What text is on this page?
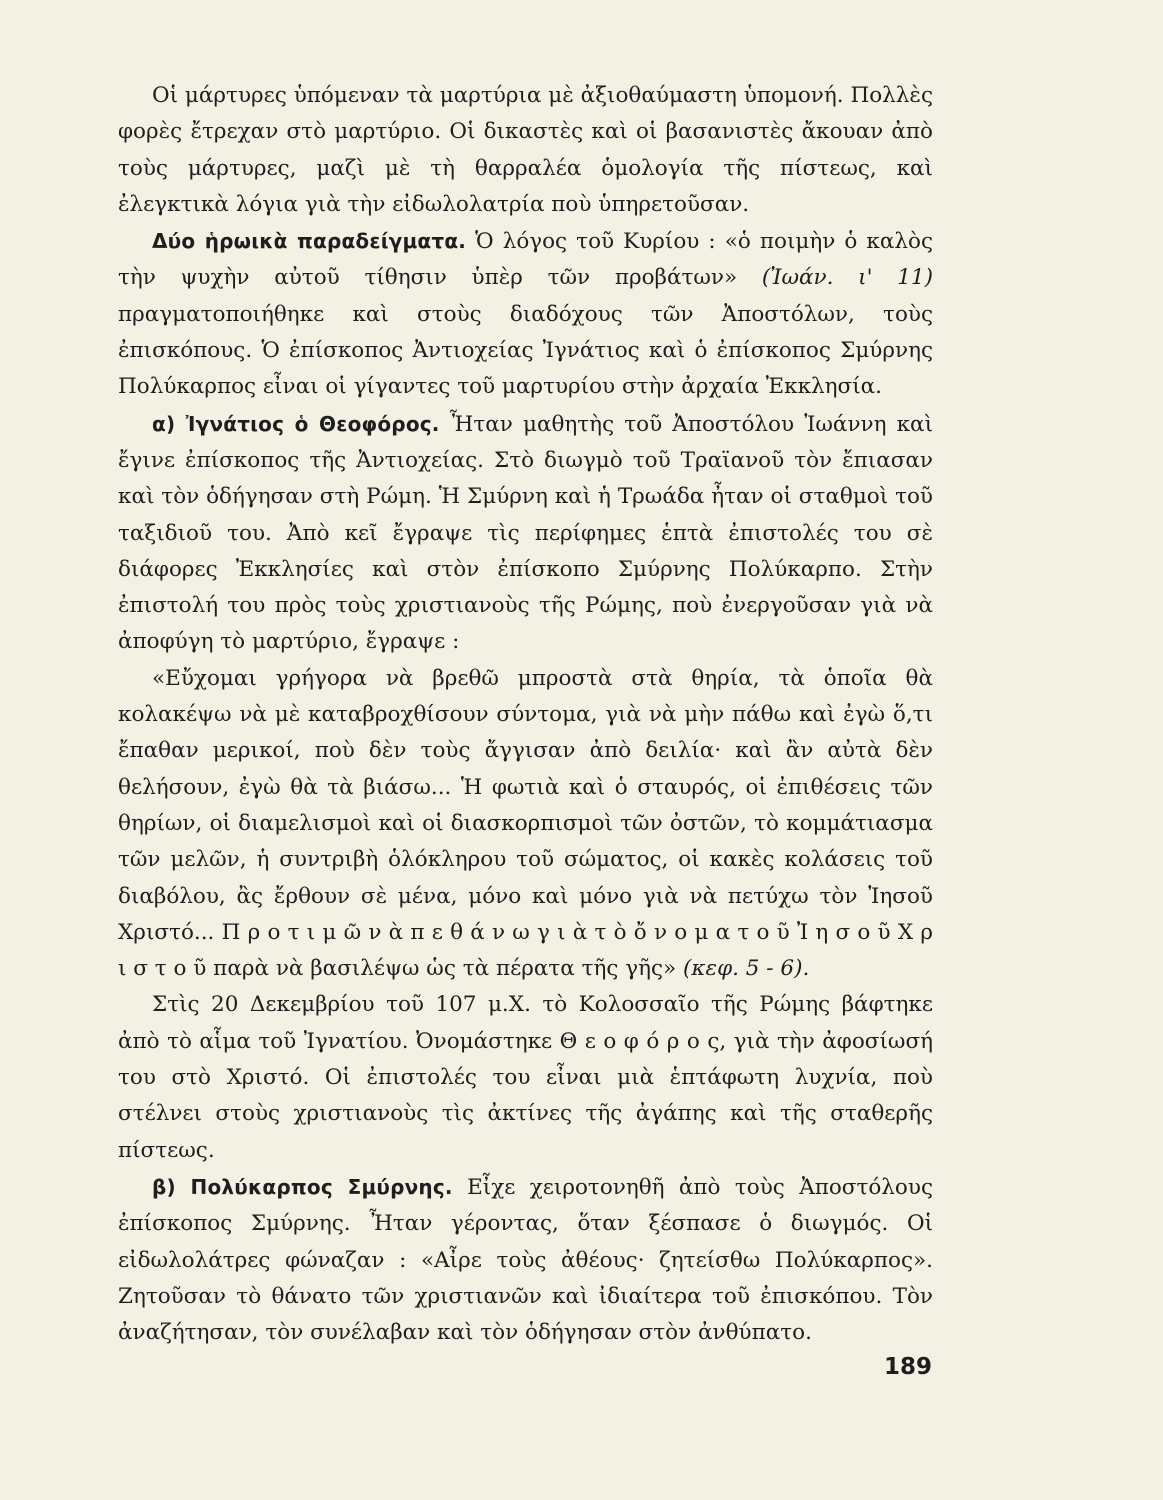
Οἱ μάρτυρες ὑπόμεναν τὰ μαρτύρια μὲ ἀξιοθαύμαστη ὑπομονή. Πολλὲς φορὲς ἔτρεχαν στὸ μαρτύριο. Οἱ δικαστὲς καὶ οἱ βασανιστὲς ἄκουαν ἀπὸ τοὺς μάρτυρες, μαζὶ μὲ τὴ θαρραλέα ὁμολογία τῆς πίστεως, καὶ ἐλεγκτικὰ λόγια γιὰ τὴν εἰδωλολατρία ποὺ ὑπηρετοῦσαν.

Δύο ἡρωικὰ παραδείγματα. Ὁ λόγος τοῦ Κυρίου : «ὁ ποιμὴν ὁ καλὸς τὴν ψυχὴν αὐτοῦ τίθησιν ὑπὲρ τῶν προβάτων» (Ἰωάν. ι' 11) πραγματοποιήθηκε καὶ στοὺς διαδόχους τῶν Ἀποστόλων, τοὺς ἐπισκόπους. Ὁ ἐπίσκοπος Ἀντιοχείας Ἰγνάτιος καὶ ὁ ἐπίσκοπος Σμύρνης Πολύκαρπος εἶναι οἱ γίγαντες τοῦ μαρτυρίου στὴν ἀρχαία Ἐκκλησία.

α) Ἰγνάτιος ὁ Θεοφόρος. Ἦταν μαθητὴς τοῦ Ἀποστόλου Ἰωάννη καὶ ἔγινε ἐπίσκοπος τῆς Ἀντιοχείας. Στὸ διωγμὸ τοῦ Τραϊανοῦ τὸν ἔπιασαν καὶ τὸν ὁδήγησαν στὴ Ρώμη. Ἡ Σμύρνη καὶ ἡ Τρωάδα ἦταν οἱ σταθμοὶ τοῦ ταξιδιοῦ του. Ἀπὸ κεῖ ἔγραψε τὶς περίφημες ἑπτὰ ἐπιστολές του σὲ διάφορες Ἐκκλησίες καὶ στὸν ἐπίσκοπο Σμύρνης Πολύκαρπο. Στὴν ἐπιστολή του πρὸς τοὺς χριστιανοὺς τῆς Ρώμης, ποὺ ἐνεργοῦσαν γιὰ νὰ ἀποφύγη τὸ μαρτύριο, ἔγραψε :

«Εὔχομαι γρήγορα νὰ βρεθῶ μπροστὰ στὰ θηρία, τὰ ὁποῖα θὰ κολακέψω νὰ μὲ καταβροχθίσουν σύντομα, γιὰ νὰ μὴν πάθω καὶ ἐγὼ ὅ,τι ἔπαθαν μερικοί, ποὺ δὲν τοὺς ἄγγισαν ἀπὸ δειλία· καὶ ἂν αὐτὰ δὲν θελήσουν, ἐγὼ θὰ τὰ βιάσω... Ἡ φωτιὰ καὶ ὁ σταυρός, οἱ ἐπιθέσεις τῶν θηρίων, οἱ διαμελισμοὶ καὶ οἱ διασκορπισμοὶ τῶν ὀστῶν, τὸ κομμάτιασμα τῶν μελῶν, ἡ συντριβὴ ὁλόκληρου τοῦ σώματος, οἱ κακὲς κολάσεις τοῦ διαβόλου, ἂς ἔρθουν σὲ μένα, μόνο καὶ μόνο γιὰ νὰ πετύχω τὸν Ἰησοῦ Χριστό... Π ρ ο τ ι μ ῶ ν ὰ π ε θ ά ν ω γ ι ὰ τ ὸ ὄ ν ο μ α τ ο ῦ Ἰ η σ ο ῦ Χ ρ ι σ τ ο ῦ παρὰ νὰ βασιλέψω ὡς τὰ πέρατα τῆς γῆς» (κεφ. 5 - 6).

Στὶς 20 Δεκεμβρίου τοῦ 107 μ.Χ. τὸ Κολοσσαῖο τῆς Ρώμης βάφτηκε ἀπὸ τὸ αἷμα τοῦ Ἰγνατίου. Ὀνομάστηκε Θ ε ο φ ό ρ ο ς, γιὰ τὴν ἀφοσίωσή του στὸ Χριστό. Οἱ ἐπιστολές του εἶναι μιὰ ἑπτάφωτη λυχνία, ποὺ στέλνει στοὺς χριστιανοὺς τὶς ἀκτίνες τῆς ἀγάπης καὶ τῆς σταθερῆς πίστεως.

β) Πολύκαρπος Σμύρνης. Εἶχε χειροτονηθῆ ἀπὸ τοὺς Ἀποστόλους ἐπίσκοπος Σμύρνης. Ἦταν γέροντας, ὅταν ξέσπασε ὁ διωγμός. Οἱ εἰδωλολάτρες φώναζαν : «Αἶρε τοὺς ἀθέους· ζητείσθω Πολύκαρπος». Ζητοῦσαν τὸ θάνατο τῶν χριστιανῶν καὶ ἰδιαίτερα τοῦ ἐπισκόπου. Τὸν ἀναζήτησαν, τὸν συνέλαβαν καὶ τὸν ὁδήγησαν στὸν ἀνθύπατο.

189
